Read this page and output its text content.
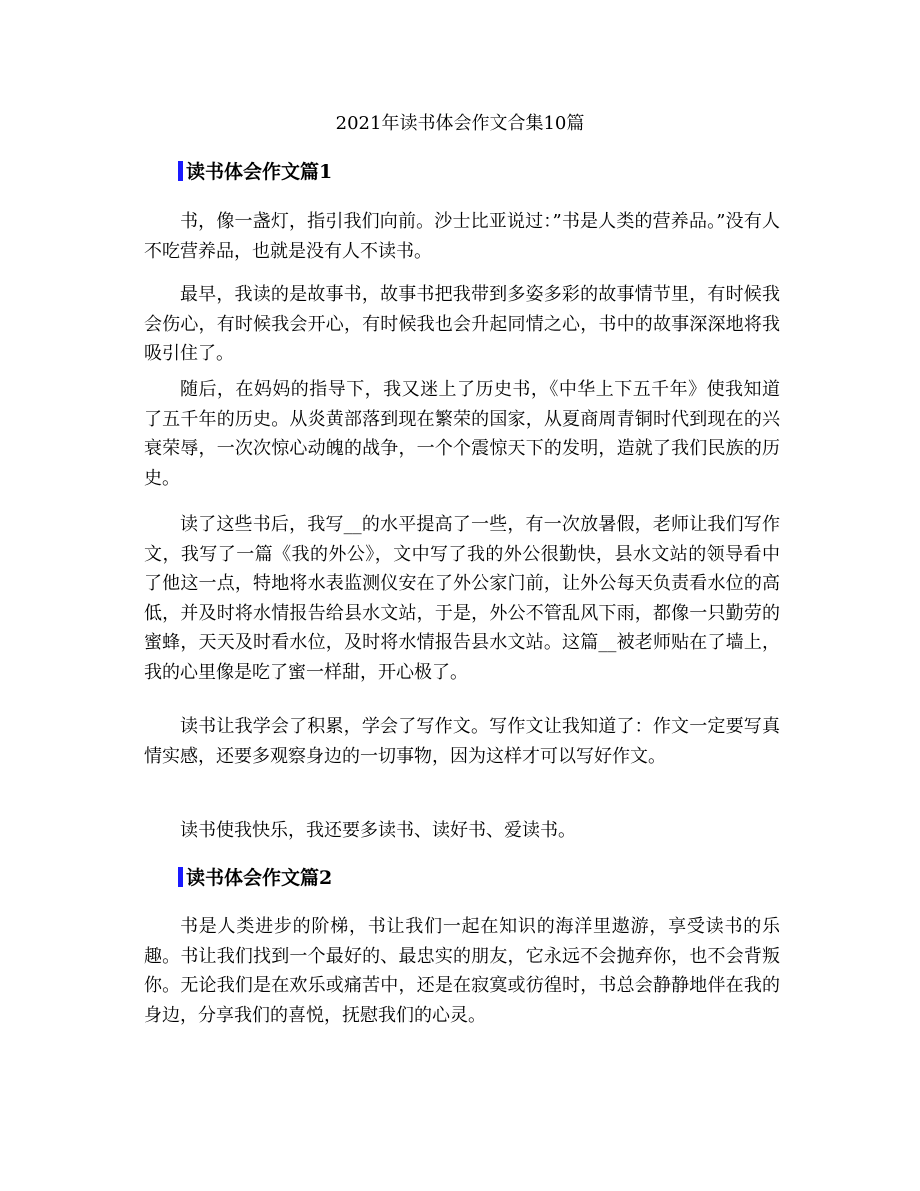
2021年读书体会作文合集10篇
读书体会作文篇1
书，像一盏灯，指引我们向前。沙士比亚说过：”书是人类的营养品。”没有人不吃营养品，也就是没有人不读书。
最早，我读的是故事书，故事书把我带到多姿多彩的故事情节里，有时候我会伤心，有时候我会开心，有时候我也会升起同情之心，书中的故事深深地将我吸引住了。
随后，在妈妈的指导下，我又迷上了历史书，《中华上下五千年》使我知道了五千年的历史。从炎黄部落到现在繁荣的国家，从夏商周青铜时代到现在的兴衰荣辱，一次次惊心动魄的战争，一个个震惊天下的发明，造就了我们民族的历史。
读了这些书后，我写__的水平提高了一些，有一次放暑假，老师让我们写作文，我写了一篇《我的外公》，文中写了我的外公很勤快，县水文站的领导看中了他这一点，特地将水表监测仪安在了外公家门前，让外公每天负责看水位的高低，并及时将水情报告给县水文站，于是，外公不管乱风下雨，都像一只勤劳的蜜蜂，天天及时看水位，及时将水情报告县水文站。这篇__被老师贴在了墙上，我的心里像是吃了蜜一样甜，开心极了。
读书让我学会了积累，学会了写作文。写作文让我知道了：作文一定要写真情实感，还要多观察身边的一切事物，因为这样才可以写好作文。
读书使我快乐，我还要多读书、读好书、爱读书。
读书体会作文篇2
书是人类进步的阶梯，书让我们一起在知识的海洋里遨游，享受读书的乐趣。书让我们找到一个最好的、最忠实的朋友，它永远不会抛弃你，也不会背叛你。无论我们是在欢乐或痛苦中，还是在寂寞或彷徨时，书总会静静地伴在我的身边，分享我们的喜悦，抚慰我们的心灵。
